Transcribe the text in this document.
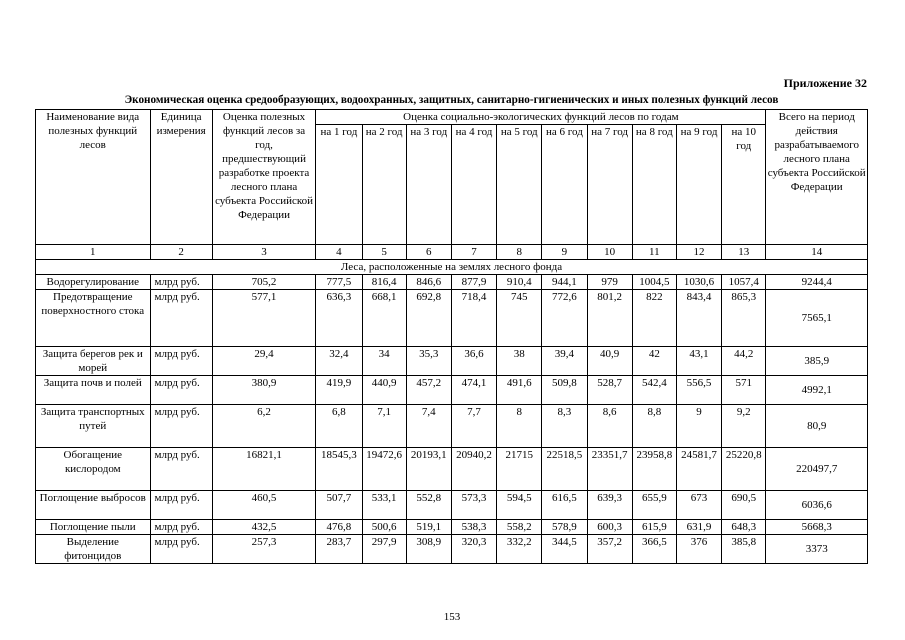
Приложение 32
Экономическая оценка средообразующих, водоохранных, защитных, санитарно-гигиенических и иных полезных функций лесов
Наименование вида полезных функций лесов	Единица измерения	Оценка полезных функций лесов за год, предшествующий разработке проекта лесного плана субъекта Российской Федерации	Оценка социально-экологических функций лесов по годам										Всего на период действия разрабатываемого лесного плана субъекта Российской Федерации
			на 1 год	на 2 год	на 3 год	на 4 год	на 5 год	на 6 год	на 7 год	на 8 год	на 9 год	на 10 год	
1	2	3	4	5	6	7	8	9	10	11	12	13	14
Леса, расположенные на землях лесного фонда													
Водорегулирование	млрд руб.	705,2	777,5	816,4	846,6	877,9	910,4	944,1	979	1004,5	1030,6	1057,4	9244,4
Предотвращение поверхностного стока	млрд руб.	577,1	636,3	668,1	692,8	718,4	745	772,6	801,2	822	843,4	865,3	7565,1
Защита берегов рек и морей	млрд руб.	29,4	32,4	34	35,3	36,6	38	39,4	40,9	42	43,1	44,2	385,9
Защита почв и полей	млрд руб.	380,9	419,9	440,9	457,2	474,1	491,6	509,8	528,7	542,4	556,5	571	4992,1
Защита транспортных путей	млрд руб.	6,2	6,8	7,1	7,4	7,7	8	8,3	8,6	8,8	9	9,2	80,9
Обогащение кислородом	млрд руб.	16821,1	18545,3	19472,6	20193,1	20940,2	21715	22518,5	23351,7	23958,8	24581,7	25220,8	220497,7
Поглощение выбросов	млрд руб.	460,5	507,7	533,1	552,8	573,3	594,5	616,5	639,3	655,9	673	690,5	6036,6
Поглощение пыли	млрд руб.	432,5	476,8	500,6	519,1	538,3	558,2	578,9	600,3	615,9	631,9	648,3	5668,3
Выделение фитонцидов	млрд руб.	257,3	283,7	297,9	308,9	320,3	332,2	344,5	357,2	366,5	376	385,8	3373
153
